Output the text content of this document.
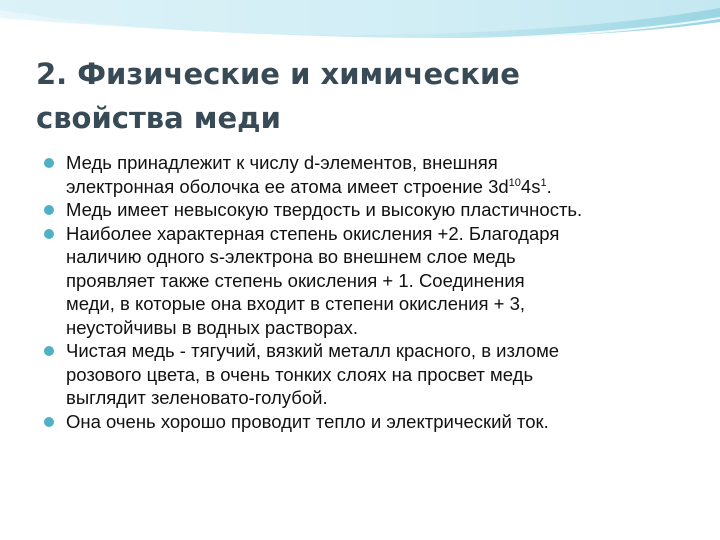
2. Физические и химические
свойства меди
Медь принадлежит к числу d-элементов, внешняя
электронная оболочка ее атома имеет строение $3d^{10}4s^1$.
Медь имеет невысокую твердость и высокую пластичность.
Наиболее характерная степень окисления +2. Благодаря
наличию одного s-электрона во внешнем слое медь
проявляет также степень окисления + 1. Соединения
меди, в которые она входит в степени окисления + 3,
неустойчивы в водных растворах.
Чистая медь - тягучий, вязкий металл красного, в изломе
розового цвета, в очень тонких слоях на просвет медь
выглядит зеленовато-голубой.
Она очень хорошо проводит тепло и электрический ток.
